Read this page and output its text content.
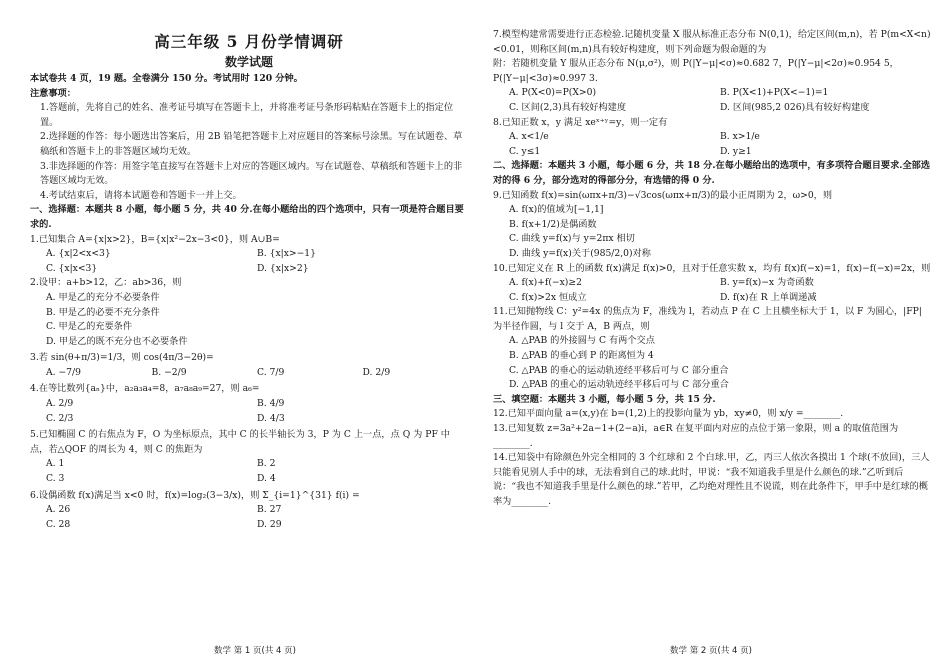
高三年级 5 月份学情调研
数学试题
本试卷共 4 页，19 题。全卷满分 150 分。考试用时 120 分钟。
注意事项：
1.答题前，先将自己的姓名、准考证号填写在答题卡上，并将准考证号条形码粘贴在答题卡上的指定位置。
2.选择题的作答：每小题选出答案后，用 2B 铅笔把答题卡上对应题目的答案标号涂黑。写在试题卷、草稿纸和答题卡上的非答题区域均无效。
3.非选择题的作答：用签字笔直接写在答题卡上对应的答题区域内。写在试题卷、草稿纸和答题卡上的非答题区域均无效。
4.考试结束后，请将本试题卷和答题卡一并上交。
一、选择题：本题共 8 小题，每小题 5 分，共 40 分.在每小题给出的四个选项中，只有一项是符合题目要求的.
1.已知集合 A={x|x>2}，B={x|x²−2x−3<0}，则 A∪B=
A. {x|2<x<3}	B. {x|x>−1}
C. {x|x<3}	D. {x|x>2}
2.设甲：a+b>12，乙：ab>36，则
A. 甲是乙的充分不必要条件
B. 甲是乙的必要不充分条件
C. 甲是乙的充要条件
D. 甲是乙的既不充分也不必要条件
3.若 sin(θ+π/3)=1/3，则 cos(4π/3−2θ)=
A. −7/9	B. −2/9	C. 7/9	D. 2/9
4.在等比数列{aₙ}中，a₂a₃a₄=8，a₇a₈a₉=27，则 a₆=
A. 2/9	B. 4/9
C. 2/3	D. 4/3
5.已知椭圆 C 的右焦点为 F，O 为坐标原点，其中 C 的长半轴长为 3，P 为 C 上一点，点 Q 为 PF 中点，若△QOF 的周长为 4，则 C 的焦距为
A. 1	B. 2
C. 3	D. 4
6.设偶函数 f(x)满足当 x<0 时，f(x)=log₂(3−3/x)，则 Σ_{i=1}^{31} f(i) =
A. 26	B. 27
C. 28	D. 29
7.模型构建常需要进行正态检验.记随机变量 X 服从标准正态分布 N(0,1)，给定区间(m,n)，若 P(m<X<n)<0.01，则称区间(m,n)具有较好构建度，则下列命题为假命题的为
附：若随机变量 Y 服从正态分布 N(μ,σ²)，则 P(|Y−μ|<σ)≈0.682 7，P(|Y−μ|<2σ)≈0.954 5，P(|Y−μ|<3σ)≈0.997 3.
A. P(X<0)=P(X>0)	B. P(X<1)+P(X<−1)=1
C. 区间(2,3)具有较好构建度	D. 区间(985,2 026)具有较好构建度
8.已知正数 x，y 满足 xeˣ⁺ʸ=y，则一定有
A. x<1/e	B. x>1/e
C. y≤1	D. y≥1
二、选择题：本题共 3 小题，每小题 6 分，共 18 分.在每小题给出的选项中，有多项符合题目要求.全部选对的得 6 分，部分选对的得部分分，有选错的得 0 分.
9.已知函数 f(x)=sin(ωπx+π/3)−√3cos(ωπx+π/3)的最小正周期为 2，ω>0，则
A. f(x)的值域为[−1,1]
B. f(x+1/2)是偶函数
C. 曲线 y=f(x)与 y=2πx 相切
D. 曲线 y=f(x)关于(985/2,0)对称
10.已知定义在 R 上的函数 f(x)满足 f(x)>0，且对于任意实数 x，均有 f(x)f(−x)=1，f(x)−f(−x)=2x，则
A. f(x)+f(−x)≥2	B. y=f(x)−x 为奇函数
C. f(x)>2x 恒成立	D. f(x)在 R 上单调递减
11.已知抛物线 C：y²=4x 的焦点为 F，准线为 l，若动点 P 在 C 上且横坐标大于 1，以 F 为圆心，|FP|为半径作圆，与 l 交于 A，B 两点，则
A. △PAB 的外接圆与 C 有两个交点
B. △PAB 的垂心到 P 的距离恒为 4
C. △PAB 的垂心的运动轨迹经平移后可与 C 部分重合
D. △PAB 的重心的运动轨迹经平移后可与 C 部分重合
三、填空题：本题共 3 小题，每小题 5 分，共 15 分.
12.已知平面向量 a=(x,y)在 b=(1,2)上的投影向量为 yb，xy≠0，则 x/y =________.
13.已知复数 z=3a²+2a−1+(2−a)i，a∈R 在复平面内对应的点位于第一象限，则 a 的取值范围为________.
14.已知袋中有除颜色外完全相同的 3 个红球和 2 个白球.甲，乙，丙三人依次各摸出 1 个球(不放回)，三人只能看见别人手中的球，无法看到自己的球.此时，甲说：“我不知道我手里是什么颜色的球.”乙听到后说：“我也不知道我手里是什么颜色的球.”若甲，乙均绝对理性且不说谎，则在此条件下，甲手中是红球的概率为________.
数学 第 1 页(共 4 页)	数学 第 2 页(共 4 页)
